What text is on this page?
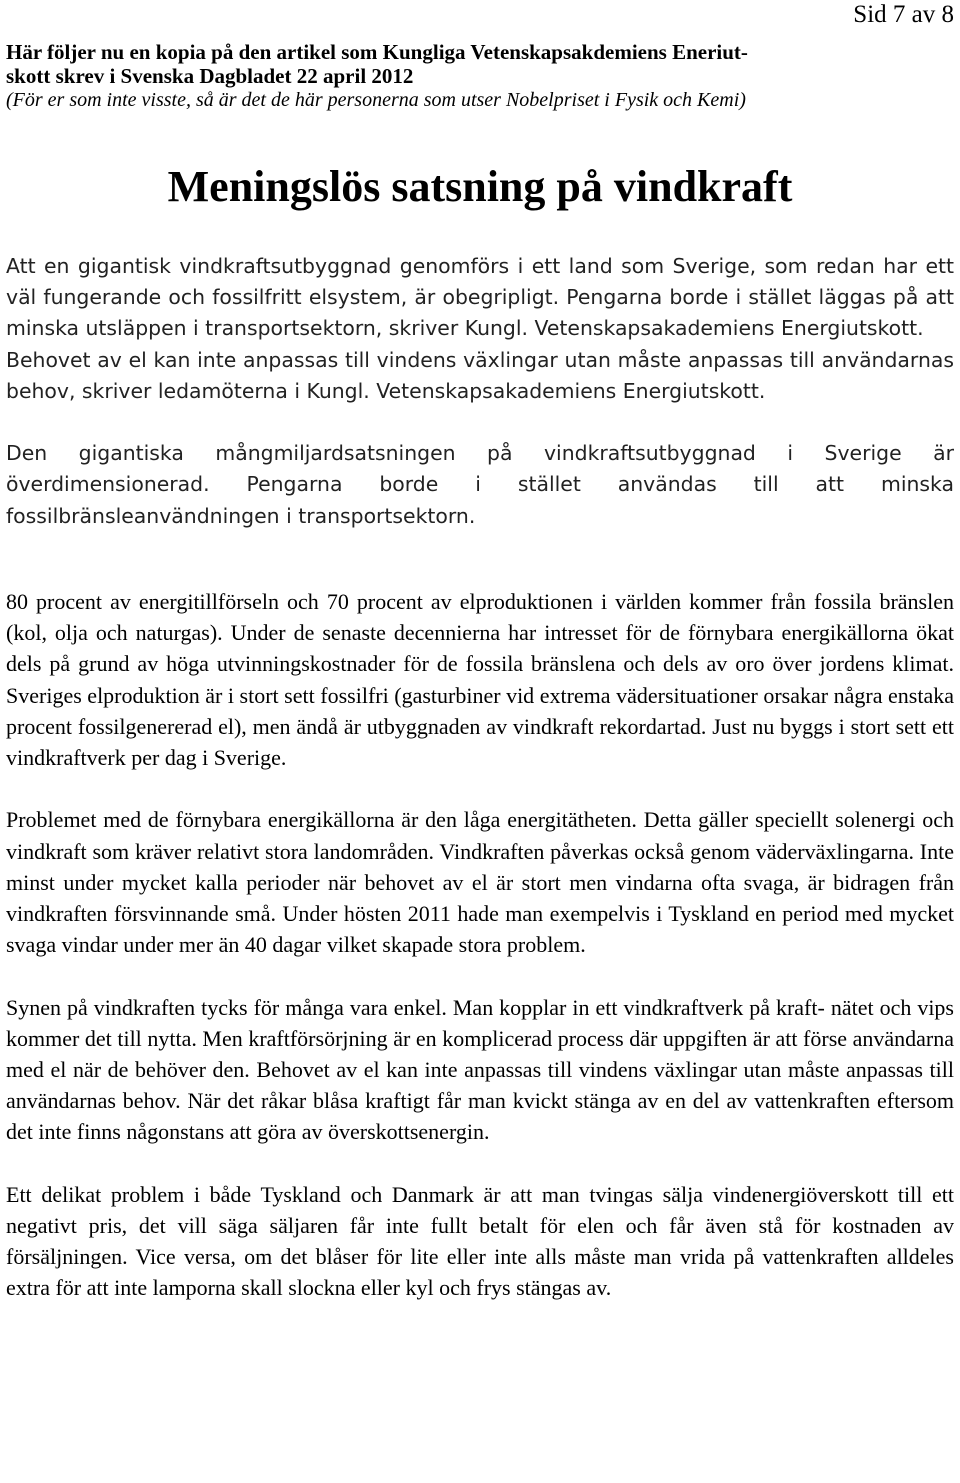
Sid 7 av 8

Här följer nu en kopia på den artikel som Kungliga Vetenskapsakdemiens Eneriut-

skott skrev i Svenska Dagbladet 22 april 2012

(För er som inte visste, så är det de här personerna som utser Nobelpriset i Fysik och Kemi)

Meningslös satsning på vindkraft

Att en gigantisk vindkraftsutbyggnad genomförs i ett land som Sverige, som redan har ett väl fungerande och fossilfritt elsystem, är obegripligt. Pengarna borde i stället läggas på att minska utsläppen i transportsektorn, skriver Kungl. Vetenskapsakademiens Energiutskott.

Behovet av el kan inte anpassas till vindens växlingar utan måste anpassas till användarnas behov, skriver ledamöterna i Kungl. Vetenskapsakademiens Energiutskott.

Den gigantiska mångmiljardsatsningen på vindkraftsutbyggnad i Sverige är överdimensionerad. Pengarna borde i stället användas till att minska fossilbränsleanvändningen i transportsektorn.

80 procent av energitillförseln och 70 procent av elproduktionen i världen kommer från fossila bränslen (kol, olja och naturgas). Under de senaste decennierna har intresset för de förnybara energikällorna ökat dels på grund av höga utvinningskostnader för de fossila bränslena och dels av oro över jordens klimat. Sveriges elproduktion är i stort sett fossilfri (gasturbiner vid extrema vädersituationer orsakar några enstaka procent fossilgenererad el), men ändå är utbyggnaden av vindkraft rekordartad. Just nu byggs i stort sett ett vindkraftverk per dag i Sverige.

Problemet med de förnybara energikällorna är den låga energitätheten. Detta gäller speciellt solenergi och vindkraft som kräver relativt stora landområden. Vindkraften påverkas också genom väderväxlingarna. Inte minst under mycket kalla perioder när behovet av el är stort men vindarna ofta svaga, är bidragen från vindkraften försvinnande små. Under hösten 2011 hade man exempelvis i Tyskland en period med mycket svaga vindar under mer än 40 dagar vilket skapade stora problem.

Synen på vindkraften tycks för många vara enkel. Man kopplar in ett vindkraftverk på kraft- nätet och vips kommer det till nytta. Men kraftförsörjning är en komplicerad process där uppgiften är att förse användarna med el när de behöver den. Behovet av el kan inte anpassas till vindens växlingar utan måste anpassas till användarnas behov. När det råkar blåsa kraftigt får man kvickt stänga av en del av vattenkraften eftersom det inte finns någonstans att göra av överskottsenergin.

Ett delikat problem i både Tyskland och Danmark är att man tvingas sälja vindenergiöverskott till ett negativt pris, det vill säga säljaren får inte fullt betalt för elen och får även stå för kostnaden av försäljningen. Vice versa, om det blåser för lite eller inte alls måste man vrida på vattenkraften alldeles extra för att inte lamporna skall slockna eller kyl och frys stängas av.
